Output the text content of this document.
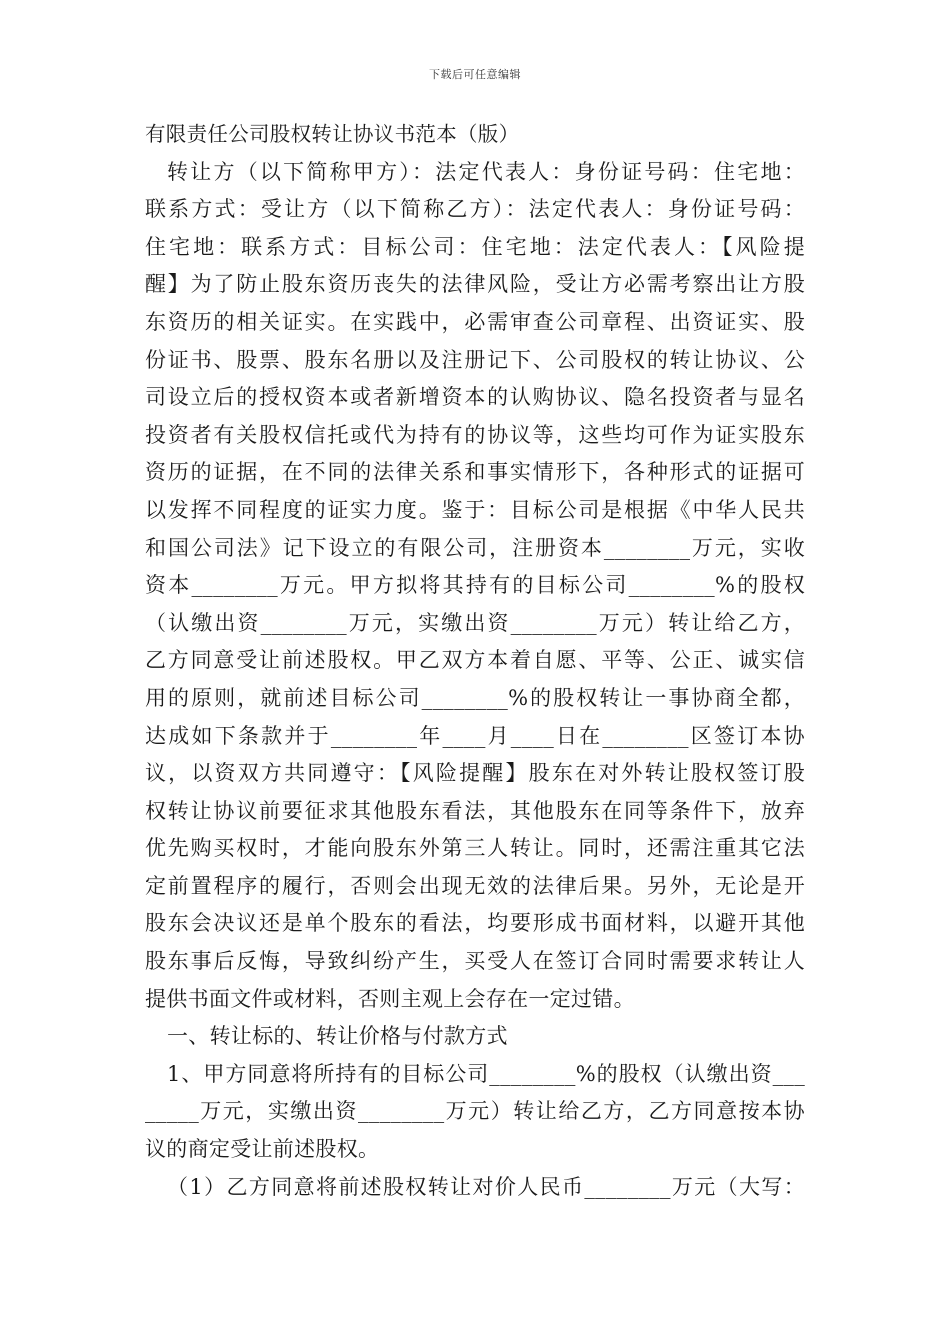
下载后可任意编辑
有限责任公司股权转让协议书范本（版）
转让方（以下简称甲方）：法定代表人：身份证号码：住宅地：
联系方式：受让方（以下简称乙方）：法定代表人：身份证号码：
住宅地：联系方式：目标公司：住宅地：法定代表人：【风险提
醒】为了防止股东资历丧失的法律风险，受让方必需考察出让方股
东资历的相关证实。在实践中，必需审查公司章程、出资证实、股
份证书、股票、股东名册以及注册记下、公司股权的转让协议、公
司设立后的授权资本或者新增资本的认购协议、隐名投资者与显名
投资者有关股权信托或代为持有的协议等，这些均可作为证实股东
资历的证据，在不同的法律关系和事实情形下，各种形式的证据可
以发挥不同程度的证实力度。鉴于：目标公司是根据《中华人民共
和国公司法》记下设立的有限公司，注册资本________万元，实收
资本________万元。甲方拟将其持有的目标公司________%的股权
（认缴出资________万元，实缴出资________万元）转让给乙方，
乙方同意受让前述股权。甲乙双方本着自愿、平等、公正、诚实信
用的原则，就前述目标公司________%的股权转让一事协商全都，
达成如下条款并于________年____月____日在________区签订本协
议，以资双方共同遵守：【风险提醒】股东在对外转让股权签订股
权转让协议前要征求其他股东看法，其他股东在同等条件下，放弃
优先购买权时，才能向股东外第三人转让。同时，还需注重其它法
定前置程序的履行，否则会出现无效的法律后果。另外，无论是开
股东会决议还是单个股东的看法，均要形成书面材料，以避开其他
股东事后反悔，导致纠纷产生，买受人在签订合同时需要求转让人
提供书面文件或材料，否则主观上会存在一定过错。
一、转让标的、转让价格与付款方式
1、甲方同意将所持有的目标公司________%的股权（认缴出资___
_____万元，实缴出资________万元）转让给乙方，乙方同意按本协
议的商定受让前述股权。
（1）乙方同意将前述股权转让对价人民币________万元（大写：
